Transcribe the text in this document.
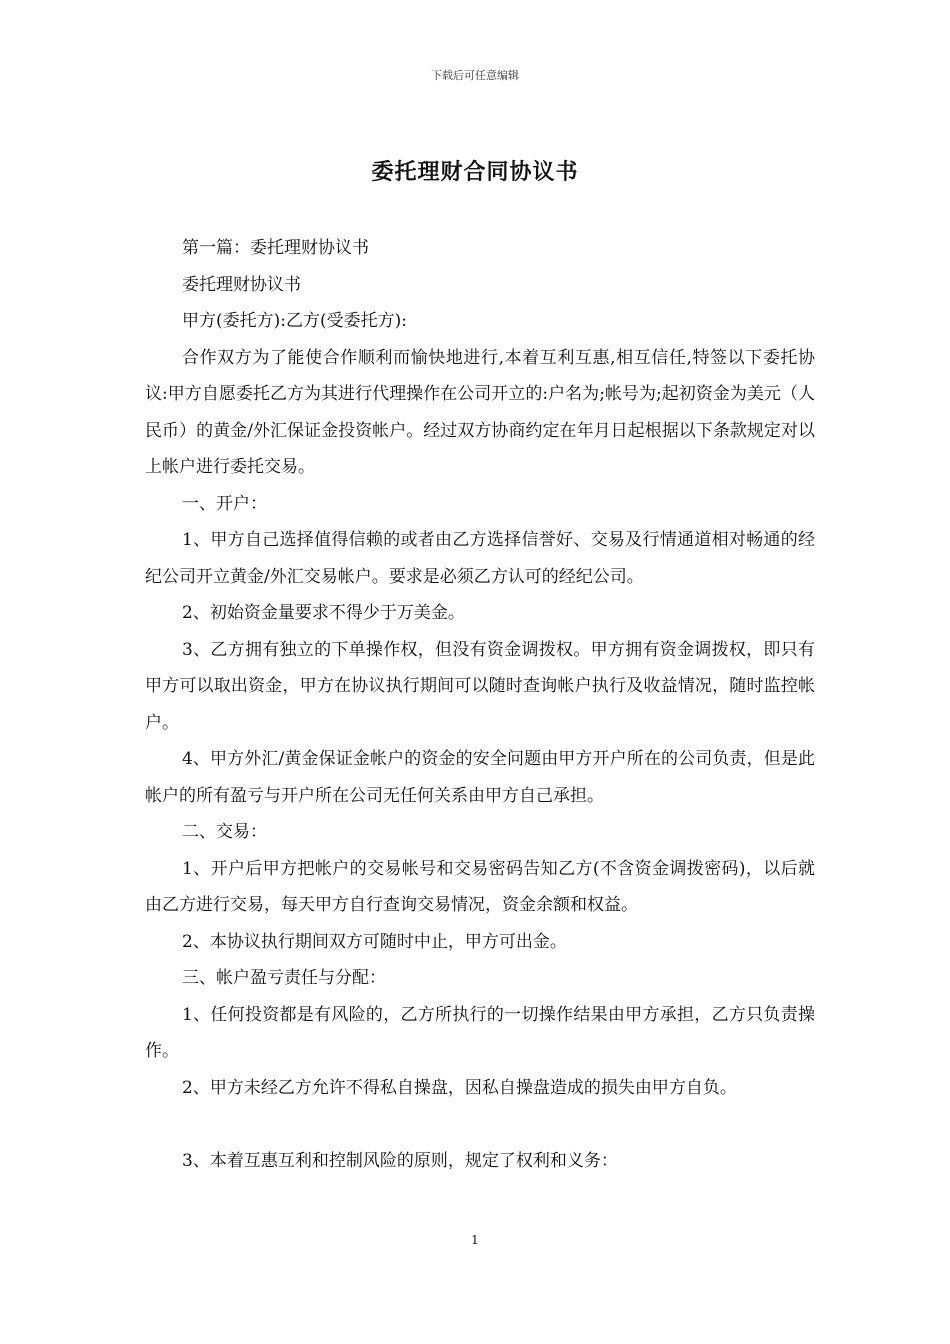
下载后可任意编辑
委托理财合同协议书

第一篇：委托理财协议书

委托理财协议书

甲方(委托方):乙方(受委托方):

合作双方为了能使合作顺利而愉快地进行,本着互利互惠,相互信任,特签以下委托协议:甲方自愿委托乙方为其进行代理操作在公司开立的:户名为;帐号为;起初资金为美元（人民币）的黄金/外汇保证金投资帐户。经过双方协商约定在年月日起根据以下条款规定对以上帐户进行委托交易。

一、开户：

1、甲方自己选择值得信赖的或者由乙方选择信誉好、交易及行情通道相对畅通的经纪公司开立黄金/外汇交易帐户。要求是必须乙方认可的经纪公司。

2、初始资金量要求不得少于万美金。

3、乙方拥有独立的下单操作权，但没有资金调拨权。甲方拥有资金调拨权，即只有甲方可以取出资金，甲方在协议执行期间可以随时查询帐户执行及收益情况，随时监控帐户。

4、甲方外汇/黄金保证金帐户的资金的安全问题由甲方开户所在的公司负责，但是此帐户的所有盈亏与开户所在公司无任何关系由甲方自己承担。

二、交易：

1、开户后甲方把帐户的交易帐号和交易密码告知乙方(不含资金调拨密码)，以后就由乙方进行交易，每天甲方自行查询交易情况，资金余额和权益。

2、本协议执行期间双方可随时中止，甲方可出金。

三、帐户盈亏责任与分配：

1、任何投资都是有风险的，乙方所执行的一切操作结果由甲方承担，乙方只负责操作。

2、甲方未经乙方允许不得私自操盘，因私自操盘造成的损失由甲方自负。

3、本着互惠互利和控制风险的原则，规定了权利和义务：

1
